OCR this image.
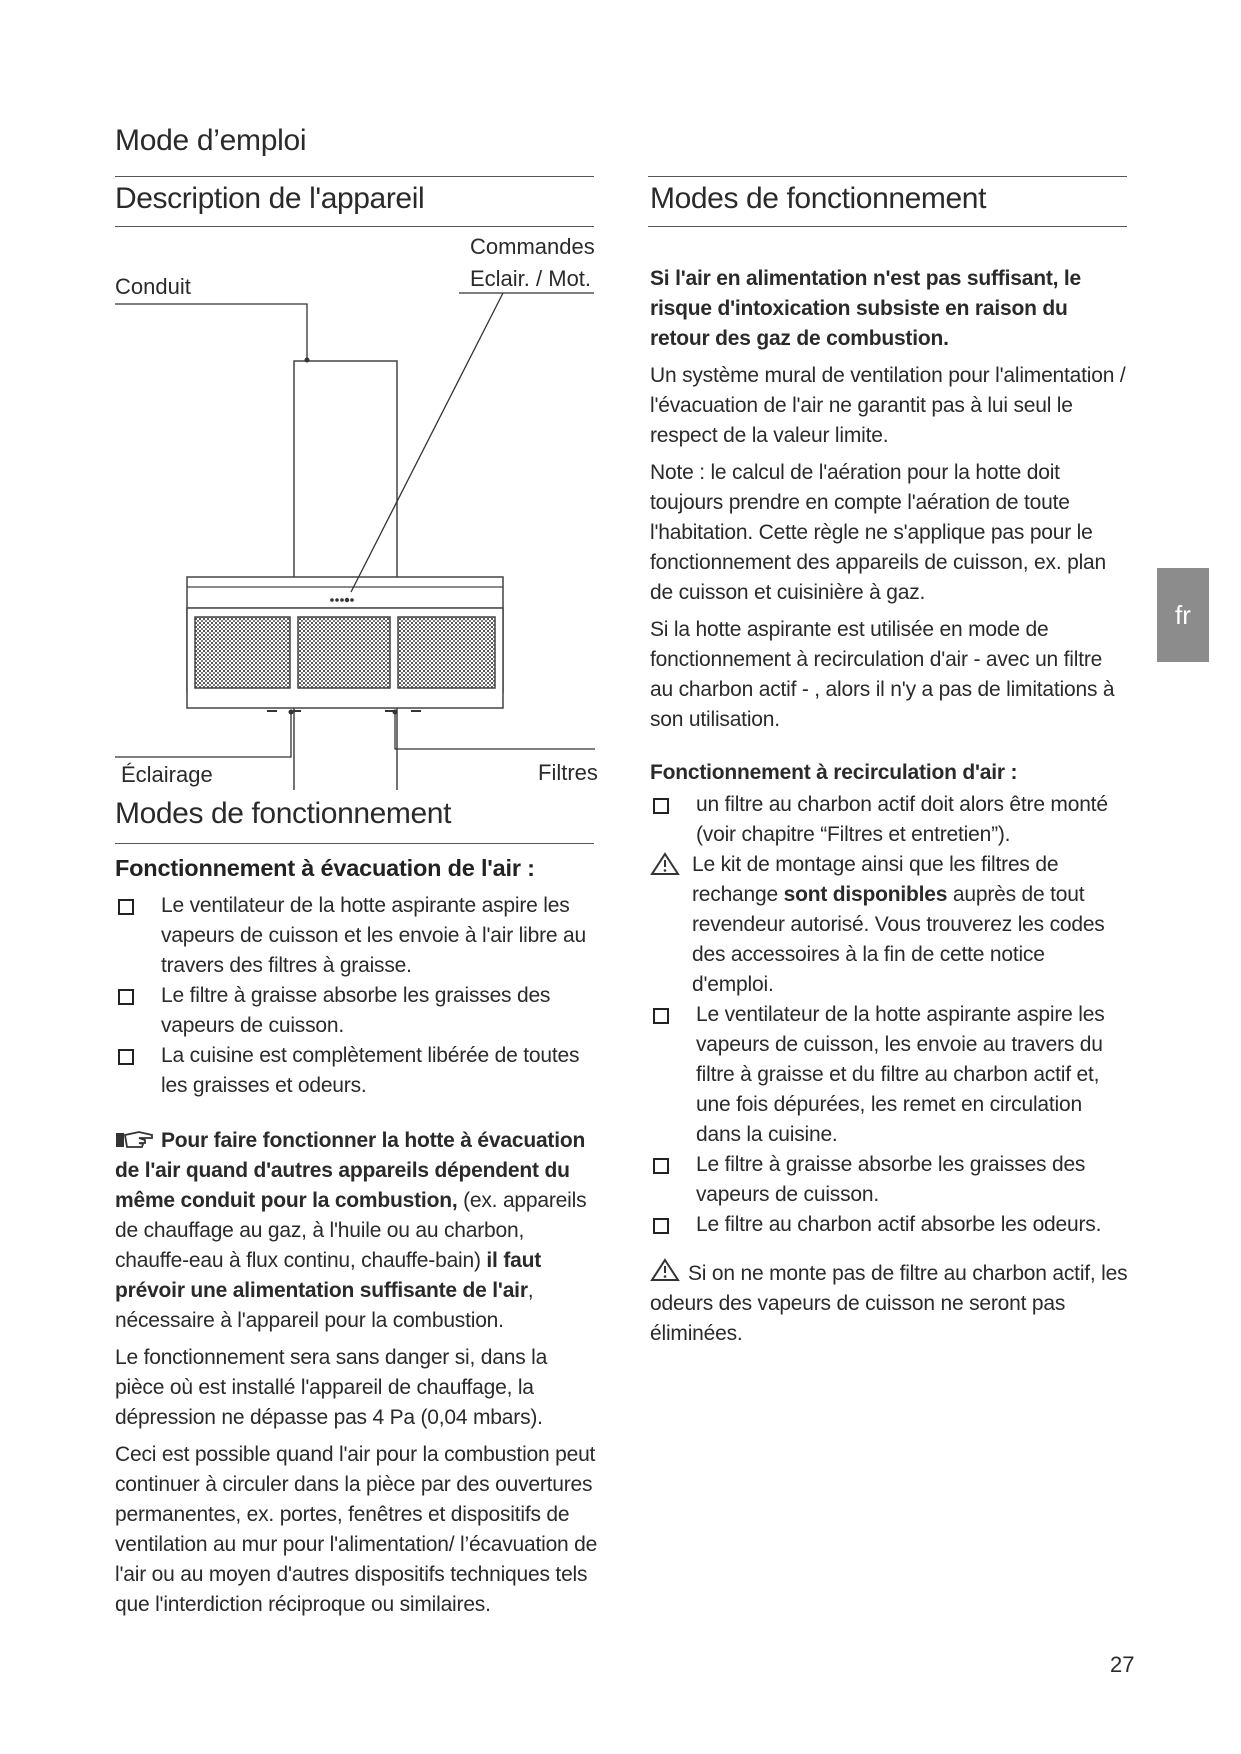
Mode d’emploi
Description de l'appareil
Commandes
Eclair. / Mot.
Conduit
Éclairage	Filtres
Modes de fonctionnement
Fonctionnement à évacuation de l'air :
Le ventilateur de la hotte aspirante aspire les vapeurs de cuisson et les envoie à l'air libre au travers des filtres à graisse.
Le filtre à graisse absorbe les graisses des vapeurs de cuisson.
La cuisine est complètement libérée de toutes les graisses et odeurs.

Pour faire fonctionner la hotte à évacuation de l'air quand d'autres appareils dépendent du même conduit pour la combustion, (ex. appareils de chauffage au gaz, à l'huile ou au charbon, chauffe-eau à flux continu, chauffe-bain) il faut prévoir une alimentation suffisante de l'air, nécessaire à l'appareil pour la combustion.

Le fonctionnement sera sans danger si, dans la pièce où est installé l'appareil de chauffage, la dépression ne dépasse pas 4 Pa (0,04 mbars).

Ceci est possible quand l'air pour la combustion peut continuer à circuler dans la pièce par des ouvertures permanentes, ex. portes, fenêtres et dispositifs de ventilation au mur pour l'alimentation/ l’écavuation de l'air ou au moyen d'autres dispositifs techniques tels que l'interdiction réciproque ou similaires.

Modes de fonctionnement

Si l'air en alimentation n'est pas suffisant, le risque d'intoxication subsiste en raison du retour des gaz de combustion.

Un système mural de ventilation pour l'alimentation / l'évacuation de l'air ne garantit pas à lui seul le respect de la valeur limite.

Note : le calcul de l'aération pour la hotte doit toujours prendre en compte l'aération de toute l'habitation. Cette règle ne s'applique pas pour le fonctionnement des appareils de cuisson, ex. plan de cuisson et cuisinière à gaz.

Si la hotte aspirante est utilisée en mode de fonctionnement à recirculation d'air - avec un filtre au charbon actif - , alors il n'y a pas de limitations à son utilisation.

Fonctionnement à recirculation d'air :
un filtre au charbon actif doit alors être monté (voir chapitre “Filtres et entretien”).
Le kit de montage ainsi que les filtres de rechange sont disponibles auprès de tout revendeur autorisé. Vous trouverez les codes des accessoires à la fin de cette notice d'emploi.
Le ventilateur de la hotte aspirante aspire les vapeurs de cuisson, les envoie au travers du filtre à graisse et du filtre au charbon actif et, une fois dépurées, les remet en circulation dans la cuisine.
Le filtre à graisse absorbe les graisses des vapeurs de cuisson.
Le filtre au charbon actif absorbe les odeurs.

Si on ne monte pas de filtre au charbon actif, les odeurs des vapeurs de cuisson ne seront pas éliminées.

fr
27
